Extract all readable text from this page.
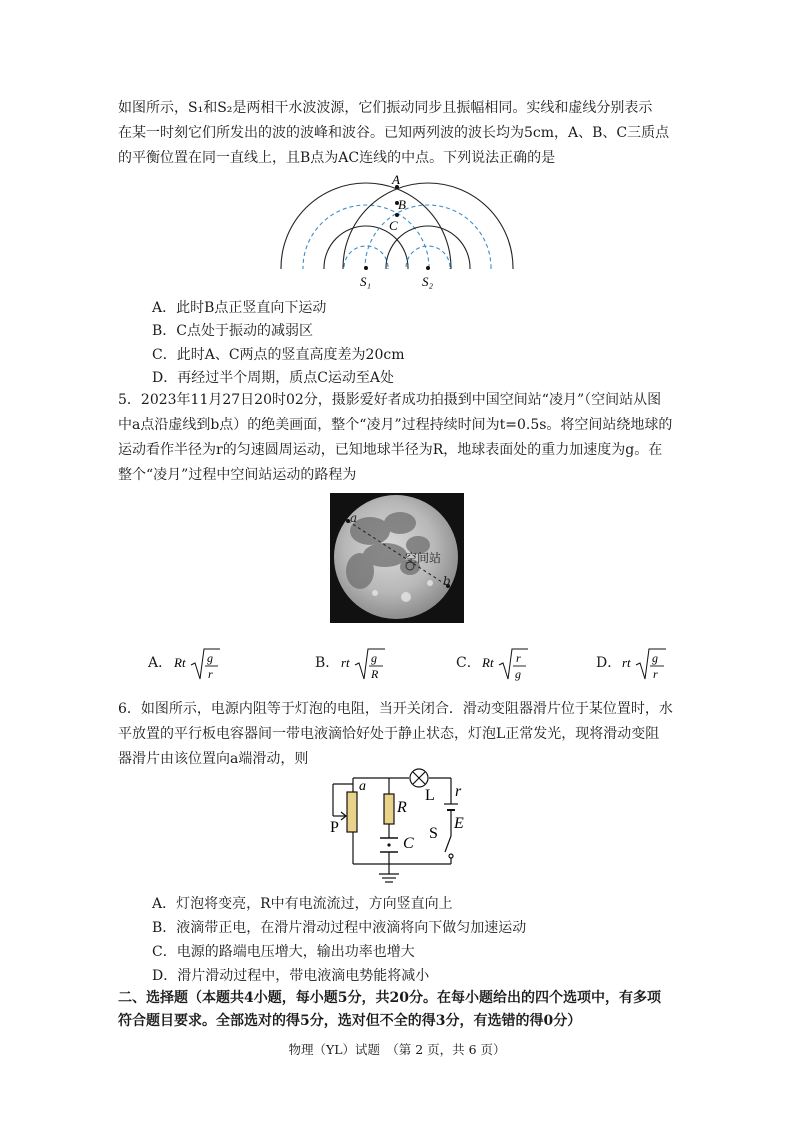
如图所示，S₁和S₂是两相干水波波源，它们振动同步且振幅相同。实线和虚线分别表示

在某一时刻它们所发出的波的波峰和波谷。已知两列波的波长均为5cm，A、B、C三质点

的平衡位置在同一直线上，且B点为AC连线的中点。下列说法正确的是

A
B
C
S₁	S₂

A．此时B点正竖直向下运动

B．C点处于振动的减弱区

C．此时A、C两点的竖直高度差为20cm

D．再经过半个周期，质点C运动至A处

5．2023年11月27日20时02分，摄影爱好者成功拍摄到中国空间站“凌月”（空间站从图

中a点沿虚线到b点）的绝美画面，整个“凌月”过程持续时间为t=0.5s。将空间站绕地球的

运动看作半径为r的匀速圆周运动，已知地球半径为R，地球表面处的重力加速度为g。在

整个“凌月”过程中空间站运动的路程为

a
b
空间站
A． Rt g
r
B． rt g
R
C． Rt r
g
D． rt g
r

6．如图所示，电源内阻等于灯泡的电阻，当开关闭合．滑动变阻器滑片位于某位置时，水

平放置的平行板电容器间一带电液滴恰好处于静止状态，灯泡L正常发光，现将滑动变阻

器滑片由该位置向a端滑动，则

a
R
L r
P
C
S
E

A．灯泡将变亮，R中有电流流过，方向竖直向上

B．液滴带正电，在滑片滑动过程中液滴将向下做匀加速运动

C．电源的路端电压增大，输出功率也增大

D．滑片滑动过程中，带电液滴电势能将减小

二、选择题（本题共4小题，每小题5分，共20分。在每小题给出的四个选项中，有多项

符合题目要求。全部选对的得5分，选对但不全的得3分，有选错的得0分）

物理（YL）试题　（第 2 页，共 6 页）
